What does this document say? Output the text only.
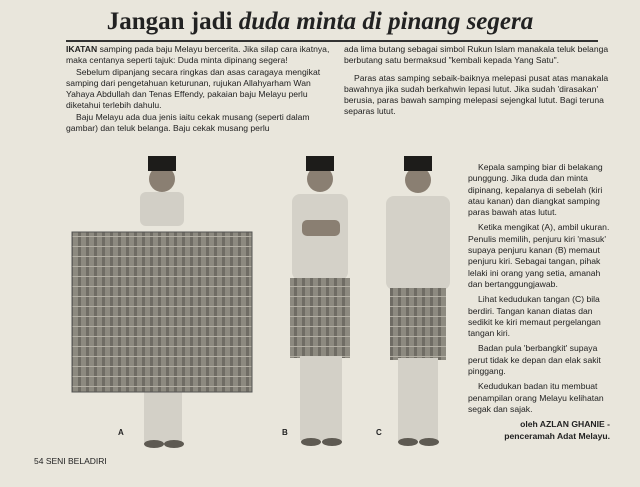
Jangan jadi duda minta di pinang segera

IKATAN samping pada baju Melayu bercerita. Jika silap cara ikatnya, maka centanya seperti tajuk: Duda minta dipinang segera!

Sebelum dipanjang secara ringkas dan asas caragaya mengikat samping dari pengetahuan keturunan, rujukan Allahyarham Wan Yahaya Abdullah dan Tenas Effendy, pakaian baju Melayu perlu diketahui terlebih dahulu.

Baju Melayu ada dua jenis iaitu cekak musang (seperti dalam gambar) dan teluk belanga. Baju cekak musang perlu

ada lima butang sebagai simbol Rukun Islam manakala teluk belanga berbutang satu bermaksud "kembali kepada Yang Satu".

Paras atas samping sebaik-baiknya melepasi pusat atas manakala bawahnya jika sudah berkahwin lepasi lutut. Jika sudah 'dirasakan' berusia, paras bawah samping melepasi sejengkal lutut. Bagi teruna separas lutut.

Kepala samping biar di belakang punggung. Jika duda dan minta dipinang, kepalanya di sebelah (kiri atau kanan) dan diangkat samping paras bawah atas lutut.

Ketika mengikat (A), ambil ukuran. Penulis memilih, penjuru kiri 'masuk' supaya penjuru kanan (B) memaut penjuru kiri. Sebagai tangan, pihak lelaki ini orang yang setia, amanah dan bertanggungjawab.

Lihat kedudukan tangan (C) bila berdiri. Tangan kanan diatas dan sedikit ke kiri memaut pergelangan tangan kiri.

Badan pula 'berbangkit' supaya perut tidak ke depan dan elak sakit pinggang.

Kedudukan badan itu membuat penampilan orang Melayu kelihatan segak dan sajak.

oleh AZLAN GHANIE -

penceramah Adat Melayu.

A	B	C
54 SENI BELADIRI
